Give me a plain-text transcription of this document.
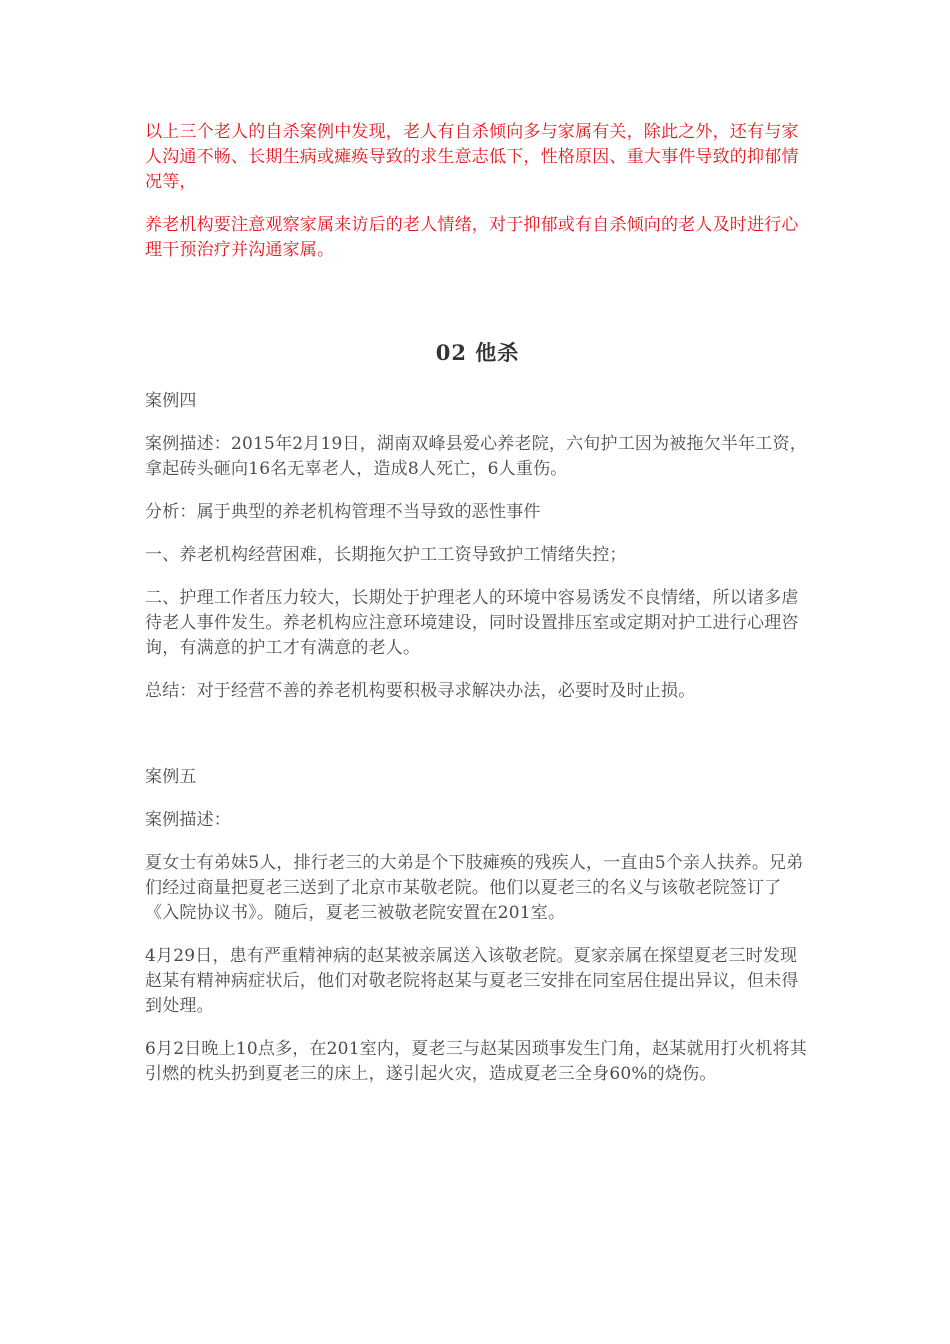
以上三个老人的自杀案例中发现，老人有自杀倾向多与家属有关，除此之外，还有与家人沟通不畅、长期生病或瘫痪导致的求生意志低下，性格原因、重大事件导致的抑郁情况等，

养老机构要注意观察家属来访后的老人情绪，对于抑郁或有自杀倾向的老人及时进行心理干预治疗并沟通家属。

02 他杀

案例四

案例描述：2015年2月19日，湖南双峰县爱心养老院，六旬护工因为被拖欠半年工资，拿起砖头砸向16名无辜老人，造成8人死亡，6人重伤。

分析：属于典型的养老机构管理不当导致的恶性事件

一、养老机构经营困难，长期拖欠护工工资导致护工情绪失控；

二、护理工作者压力较大，长期处于护理老人的环境中容易诱发不良情绪，所以诸多虐待老人事件发生。养老机构应注意环境建设，同时设置排压室或定期对护工进行心理咨询，有满意的护工才有满意的老人。

总结：对于经营不善的养老机构要积极寻求解决办法，必要时及时止损。

案例五

案例描述：

夏女士有弟妹5人，排行老三的大弟是个下肢瘫痪的残疾人，一直由5个亲人扶养。兄弟们经过商量把夏老三送到了北京市某敬老院。他们以夏老三的名义与该敬老院签订了《入院协议书》。随后，夏老三被敬老院安置在201室。

4月29日，患有严重精神病的赵某被亲属送入该敬老院。夏家亲属在探望夏老三时发现赵某有精神病症状后，他们对敬老院将赵某与夏老三安排在同室居住提出异议，但未得到处理。

6月2日晚上10点多，在201室内，夏老三与赵某因琐事发生门角，赵某就用打火机将其引燃的枕头扔到夏老三的床上，遂引起火灾，造成夏老三全身60%的烧伤。
